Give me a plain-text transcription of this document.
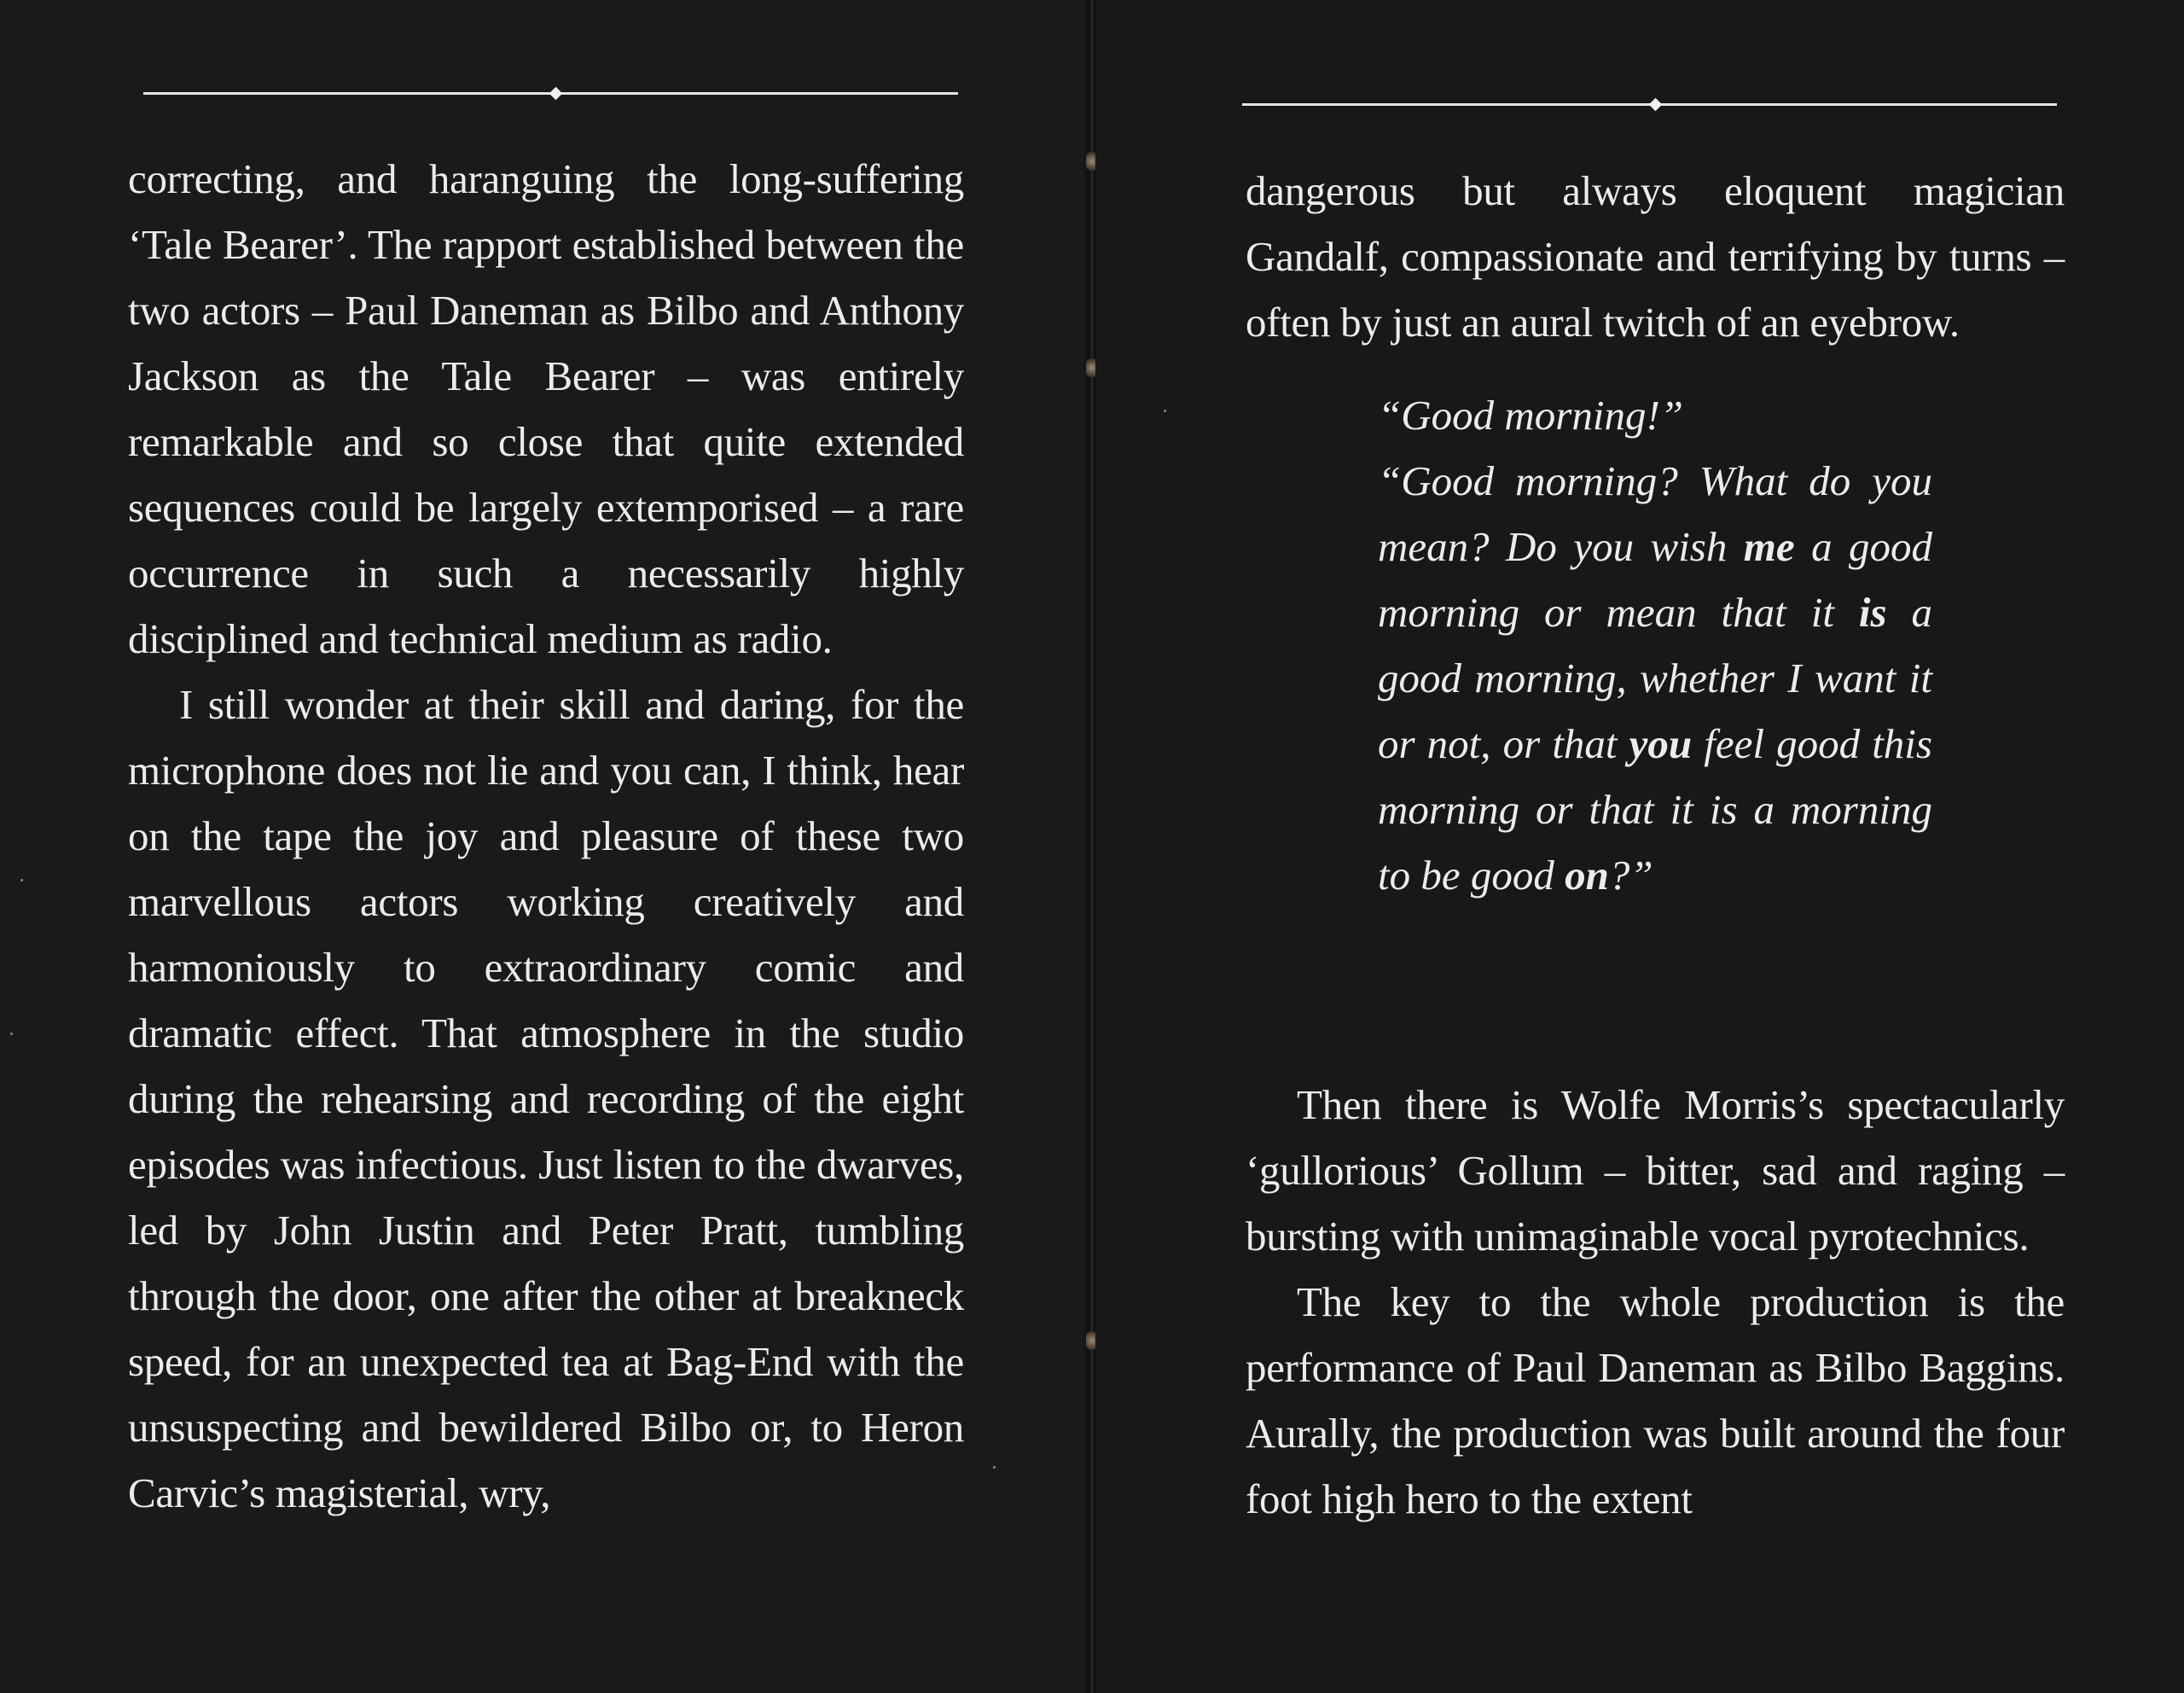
correcting, and haranguing the long-suffering ‘Tale Bearer’. The rapport established between the two actors – Paul Daneman as Bilbo and Anthony Jackson as the Tale Bearer – was entirely remarkable and so close that quite extended sequences could be largely extemporised – a rare occurrence in such a necessarily highly disciplined and technical medium as radio.

I still wonder at their skill and daring, for the microphone does not lie and you can, I think, hear on the tape the joy and pleasure of these two marvellous actors working creatively and harmoniously to extraordinary comic and dramatic effect. That atmosphere in the studio during the rehearsing and recording of the eight episodes was infectious. Just listen to the dwarves, led by John Justin and Peter Pratt, tumbling through the door, one after the other at breakneck speed, for an unexpected tea at Bag-End with the unsuspecting and bewildered Bilbo or, to Heron Carvic’s magisterial, wry,

dangerous but always eloquent magician Gandalf, compassionate and terrifying by turns – often by just an aural twitch of an eyebrow.

“Good morning!”

“Good morning? What do you mean? Do you wish me a good morning or mean that it is a good morning, whether I want it or not, or that you feel good this morning or that it is a morning to be good on?”

Then there is Wolfe Morris’s spectacularly ‘gullorious’ Gollum – bitter, sad and raging – bursting with unimaginable vocal pyrotechnics.

The key to the whole production is the performance of Paul Daneman as Bilbo Baggins. Aurally, the production was built around the four foot high hero to the extent
